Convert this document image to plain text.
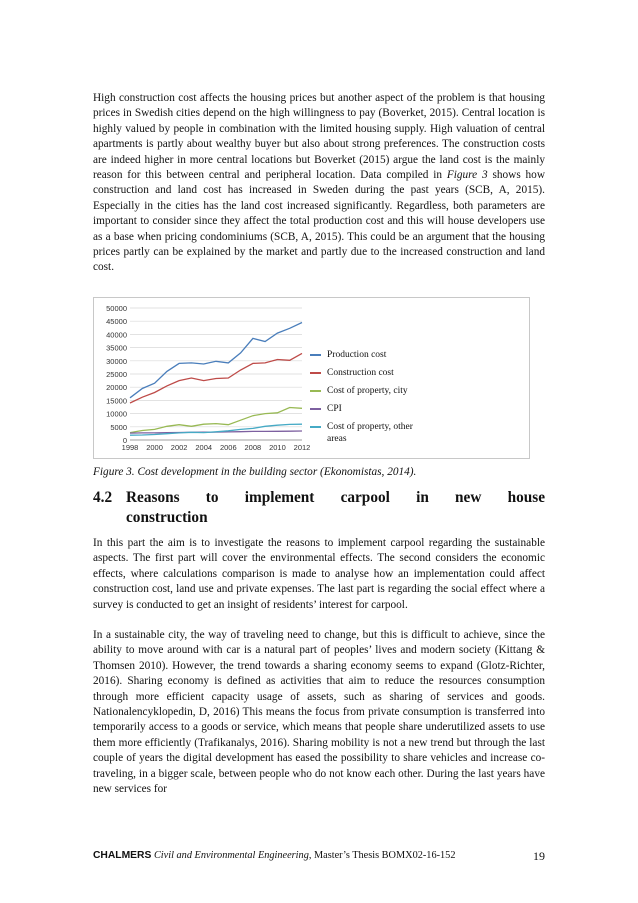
High construction cost affects the housing prices but another aspect of the problem is that housing prices in Swedish cities depend on the high willingness to pay (Boverket, 2015). Central location is highly valued by people in combination with the limited housing supply. High valuation of central apartments is partly about wealthy buyer but also about strong preferences. The construction costs are indeed higher in more central locations but Boverket (2015) argue the land cost is the mainly reason for this between central and peripheral location. Data compiled in Figure 3 shows how construction and land cost has increased in Sweden during the past years (SCB, A, 2015). Especially in the cities has the land cost increased significantly. Regardless, both parameters are important to consider since they affect the total production cost and this will house developers use as a base when pricing condominiums (SCB, A, 2015). This could be an argument that the housing prices partly can be explained by the market and partly due to the increased construction and land cost.

0
5000
10000
15000
20000
25000
30000
35000
40000
45000
50000
1998 2000 2002 2004 2006 2008 2010 2012
Production cost
Construction cost
Cost of property, city
CPI
Cost of property, other areas

Figure 3. Cost development in the building sector (Ekonomistas, 2014).

4.2 Reasons to implement carpool in new house
construction

In this part the aim is to investigate the reasons to implement carpool regarding the sustainable aspects. The first part will cover the environmental effects. The second considers the economic effects, where calculations comparison is made to analyse how an implementation could affect construction cost, land use and private expenses. The last part is regarding the social effect where a survey is conducted to get an insight of residents’ interest for carpool.

In a sustainable city, the way of traveling need to change, but this is difficult to achieve, since the ability to move around with car is a natural part of peoples’ lives and modern society (Kittang & Thomsen 2010). However, the trend towards a sharing economy seems to expand (Glotz-Richter, 2016). Sharing economy is defined as activities that aim to reduce the resources consumption through more efficient capacity usage of assets, such as sharing of services and goods. Nationalencyklopedin, D, 2016) This means the focus from private consumption is transferred into temporarily access to a goods or service, which means that people share underutilized assets to use them more efficiently (Trafikanalys, 2016). Sharing mobility is not a new trend but through the last couple of years the digital development has eased the possibility to share vehicles and increase co-traveling, in a bigger scale, between people who do not know each other. During the last years have new services for

CHALMERS Civil and Environmental Engineering, Master’s Thesis BOMX02-16-152	19
